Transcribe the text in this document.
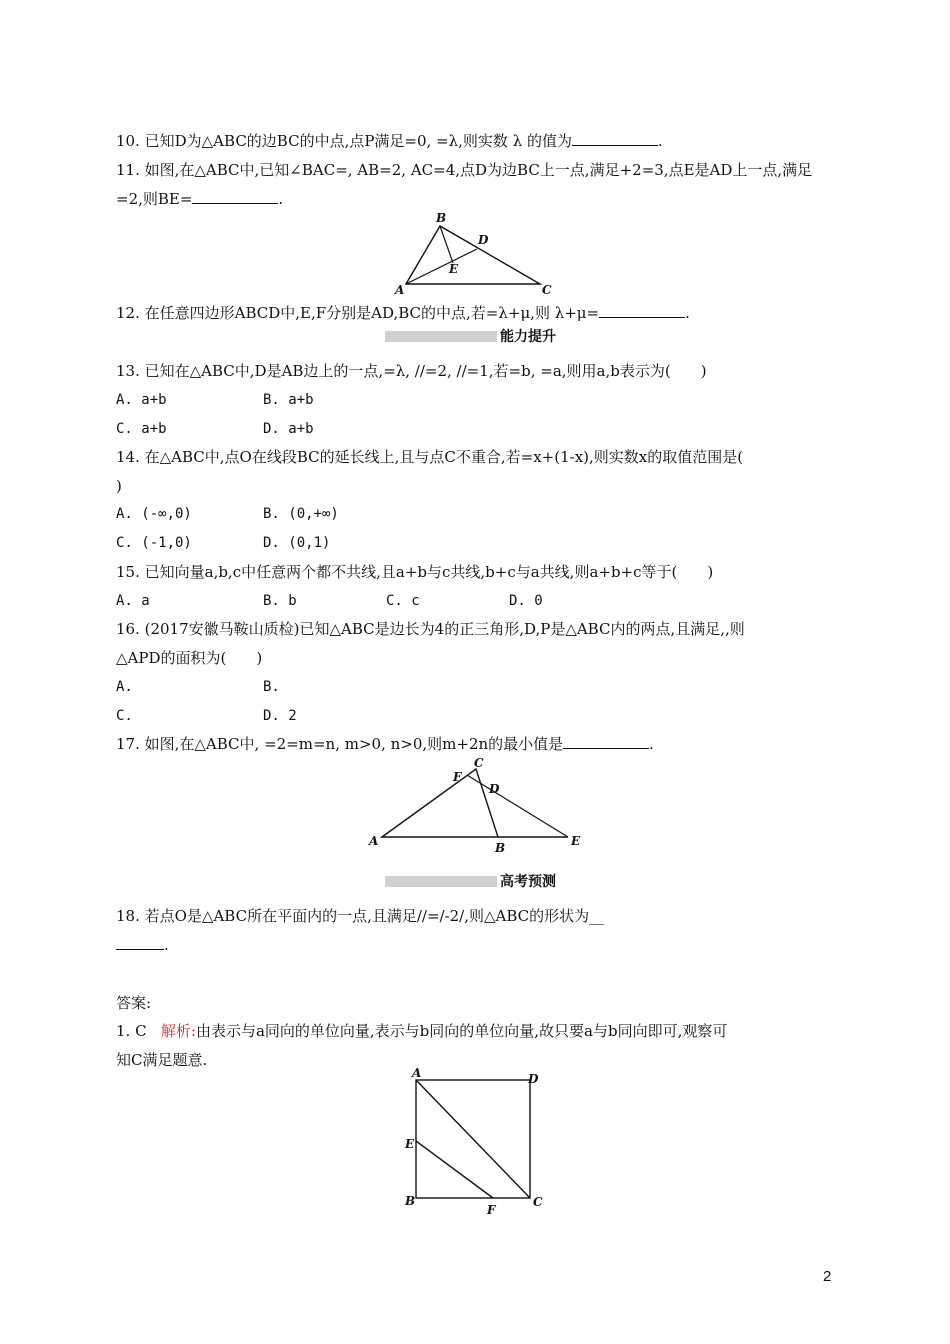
10. 已知D为△ABC的边BC的中点,点P满足=0, =λ,则实数 λ 的值为	.
11. 如图,在△ABC中,已知∠BAC=, AB=2, AC=4,点D为边BC上一点,满足+2=3,点E是AD上一点,满足
=2,则BE=	.
B
D
E
A	C
12. 在任意四边形ABCD中,E,F分别是AD,BC的中点,若=λ+μ,则 λ+μ=	.
能力提升
13. 已知在△ABC中,D是AB边上的一点,=λ, //=2, //=1,若=b, =a,则用a,b表示为(　　)
A. a+b	B. a+b
C. a+b	D. a+b
14. 在△ABC中,点O在线段BC的延长线上,且与点C不重合,若=x+(1-x),则实数x的取值范围是(
)
A. (-∞,0)	B. (0,+∞)
C. (-1,0)	D. (0,1)
15. 已知向量a,b,c中任意两个都不共线,且a+b与c共线,b+c与a共线,则a+b+c等于(　　)
A. a	B. b	C. c	D. 0
16. (2017安徽马鞍山质检)已知△ABC是边长为4的正三角形,D,P是△ABC内的两点,且满足,,则
△APD的面积为(　　)
A.	B.
C.	D. 2
17. 如图,在△ABC中, =2=m=n, m>0, n>0,则m+2n的最小值是	.
C
F
D
A	B	E
高考预测
18. 若点O是△ABC所在平面内的一点,且满足//=/-2/,则△ABC的形状为__
.
答案:
1. C 解析:由表示与a同向的单位向量,表示与b同向的单位向量,故只要a与b同向即可,观察可
知C满足题意.
A	D
E
B
F
C
2
